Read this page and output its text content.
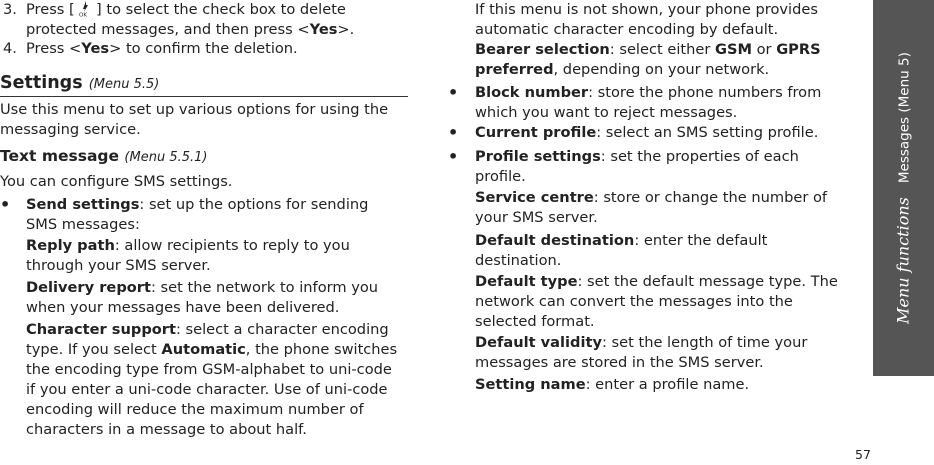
3. Press [ OK ] to select the check box to delete
protected messages, and then press <Yes>.
4. Press <Yes> to confirm the deletion.
Settings (Menu 5.5)
Use this menu to set up various options for using the
messaging service.
Text message (Menu 5.5.1)
You can configure SMS settings.
• Send settings: set up the options for sending
SMS messages:
Reply path: allow recipients to reply to you
through your SMS server.
Delivery report: set the network to inform you
when your messages have been delivered.
Character support: select a character encoding
type. If you select Automatic, the phone switches
the encoding type from GSM-alphabet to uni-code
if you enter a uni-code character. Use of uni-code
encoding will reduce the maximum number of
characters in a message to about half.
If this menu is not shown, your phone provides
automatic character encoding by default.
Bearer selection: select either GSM or GPRS
preferred, depending on your network.
• Block number: store the phone numbers from
which you want to reject messages.
• Current profile: select an SMS setting profile.
• Profile settings: set the properties of each
profile.
Service centre: store or change the number of
your SMS server.
Default destination: enter the default
destination.
Default type: set the default message type. The
network can convert the messages into the
selected format.
Default validity: set the length of time your
messages are stored in the SMS server.
Setting name: enter a profile name.
Menu functionsMessages (Menu 5)
57
